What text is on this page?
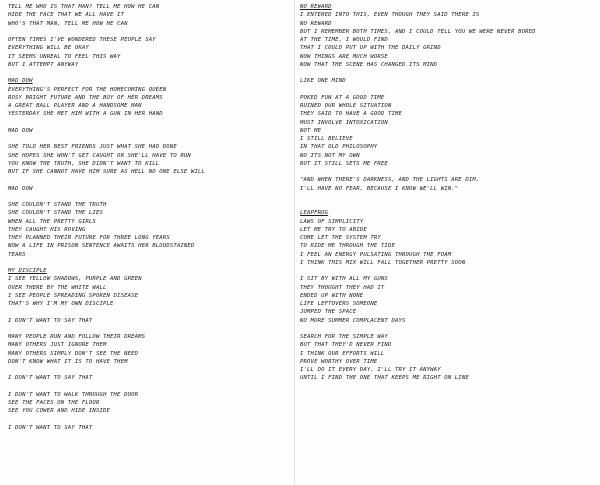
TELL ME WHO IS THAT MAN? TELL ME HOW HE CAN
HIDE THE FACE THAT WE ALL HAVE IT
WHO'S THAT MAN, TELL ME HOW HE CAN
OFTEN TIMES I'VE WONDERED THESE PEOPLE SAY
EVERYTHING WILL BE OKAY
IT SEEMS UNREAL TO FEEL THIS WAY
BUT I ATTEMPT ANYWAY
MAD DOW
EVERYTHING'S PERFECT FOR THE HOMECOMING QUEEN
ROSY BRIGHT FUTURE AND THE BOY OF HER DREAMS
A GREAT BALL PLAYER AND A HANDSOME MAN
YESTERDAY SHE MET HIM WITH A GUN IN HER HAND
MAD DOW
SHE TOLD HER BEST FRIENDS JUST WHAT SHE HAD DONE
SHE HOPES SHE WON'T GET CAUGHT OR SHE'LL HAVE TO RUN
YOU KNOW THE TRUTH, SHE DIDN'T WANT TO KILL
BUT IF SHE CANNOT HAVE HIM SURE AS HELL NO ONE ELSE WILL
MAD DOW
SHE COULDN'T STAND THE TRUTH
SHE COULDN'T STAND THE LIES
WHEN ALL THE PRETTY GIRLS
THEY CAUGHT HIS ROVING
THEY PLANNED THEIR FUTURE FOR THREE LONG YEARS
NOW A LIFE IN PRISON SENTENCE AWAITS HER BLOODSTAINED
TEARS
MY DISCIPLE
I SEE YELLOW SHADOWS, PURPLE AND GREEN
OVER THERE BY THE WHITE WALL
I SEE PEOPLE SPREADING SPOKEN DISEASE
THAT'S WHY I'M MY OWN DISCIPLE
I DON'T WANT TO SAY THAT
MANY PEOPLE RUN AND FOLLOW THEIR DREAMS
MANY OTHERS JUST IGNORE THEM
MANY OTHERS SIMPLY DON'T SEE THE NEED
DON'T KNOW WHAT IT IS TO HAVE THEM
I DON'T WANT TO SAY THAT
I DON'T WANT TO WALK THROUGH THE DOOR
SEE THE FACES ON THE FLOOR
SEE YOU COWER AND HIDE INSIDE
I DON'T WANT TO SAY THAT
NO REWARD
I ENTERED INTO THIS, EVEN THOUGH THEY SAID THERE IS
NO REWARD
BUT I REMEMBER BOTH TIMES, AND I COULD TELL YOU WE WERE NEVER BORED
AT THE TIME, I WOULD FIND
THAT I COULD PUT UP WITH THE DAILY GRIND
NOW THINGS ARE MUCH WORSE
NOW THAT THE SCENE HAS CHANGED ITS MIND
LIKE ONE MIND
POKED FUN AT A GOOD TIME
RUINED OUR WHOLE SITUATION
THEY SAID TO HAVE A GOOD TIME
MUST INVOLVE INTOXICATION
NOT ME
I STILL BELIEVE
IN THAT OLD PHILOSOPHY
NO ITS NOT MY OWN
BUT IT STILL SETS ME FREE
"AND WHEN THERE'S DARKNESS, AND THE LIGHTS ARE DIM,
I'LL HAVE NO FEAR, BECAUSE I KNOW WE'LL WIN."
LEAPFROG
LAWS OF SIMPLICITY
LET ME TRY TO ABIDE
COME LET THE SYSTEM TRY
TO RIDE ME THROUGH THE TIDE
I FEEL AN ENERGY PULSATING THROUGH THE FOAM
I THINK THIS MIX WILL FALL TOGETHER PRETTY SOON
I SIT BY WITH ALL MY GUNS
THEY THOUGHT THEY HAD IT
ENDED UP WITH NONE
LIFE LEFTOVERS SOMEONE
JUMPED THE SPACE
NO MORE SUMMER COMPLACENT DAYS
SEARCH FOR THE SIMPLE WAY
BUT THAT THEY'D NEVER FIND
I THINK OUR EFFORTS WILL
PROVE WORTHY OVER TIME
I'LL DO IT EVERY DAY, I'LL TRY IT ANYWAY
UNTIL I FIND THE ONE THAT KEEPS ME RIGHT ON LINE
